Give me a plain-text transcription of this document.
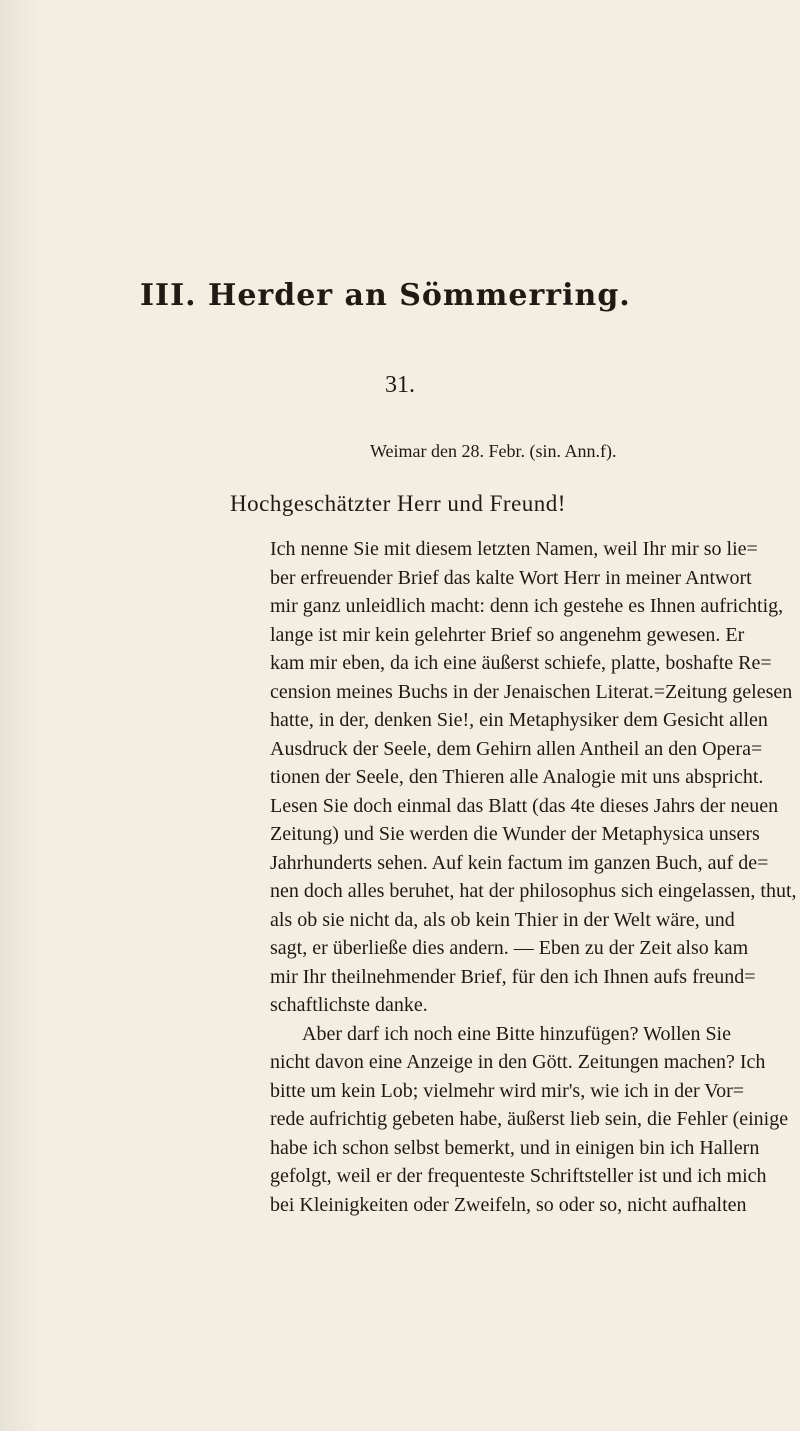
III. Herder an Sömmerring.
31.
Weimar den 28. Febr. (sin. Ann.f).
Hochgeschätzter Herr und Freund!
Ich nenne Sie mit diesem letzten Namen, weil Ihr mir so lie=
ber erfreuender Brief das kalte Wort Herr in meiner Antwort
mir ganz unleidlich macht: denn ich gestehe es Ihnen aufrichtig,
lange ist mir kein gelehrter Brief so angenehm gewesen. Er
kam mir eben, da ich eine äußerst schiefe, platte, boshafte Re=
cension meines Buchs in der Jenaischen Literat.=Zeitung gelesen
hatte, in der, denken Sie!, ein Metaphysiker dem Gesicht allen
Ausdruck der Seele, dem Gehirn allen Antheil an den Opera=
tionen der Seele, den Thieren alle Analogie mit uns abspricht.
Lesen Sie doch einmal das Blatt (das 4te dieses Jahrs der neuen
Zeitung) und Sie werden die Wunder der Metaphysica unsers
Jahrhunderts sehen. Auf kein factum im ganzen Buch, auf de=
nen doch alles beruhet, hat der philosophus sich eingelassen, thut,
als ob sie nicht da, als ob kein Thier in der Welt wäre, und
sagt, er überließe dies andern. — Eben zu der Zeit also kam
mir Ihr theilnehmender Brief, für den ich Ihnen aufs freund=
schaftlichste danke.
Aber darf ich noch eine Bitte hinzufügen? Wollen Sie
nicht davon eine Anzeige in den Gött. Zeitungen machen? Ich
bitte um kein Lob; vielmehr wird mir's, wie ich in der Vor=
rede aufrichtig gebeten habe, äußerst lieb sein, die Fehler (einige
habe ich schon selbst bemerkt, und in einigen bin ich Hallern
gefolgt, weil er der frequenteste Schriftsteller ist und ich mich
bei Kleinigkeiten oder Zweifeln, so oder so, nicht aufhalten
